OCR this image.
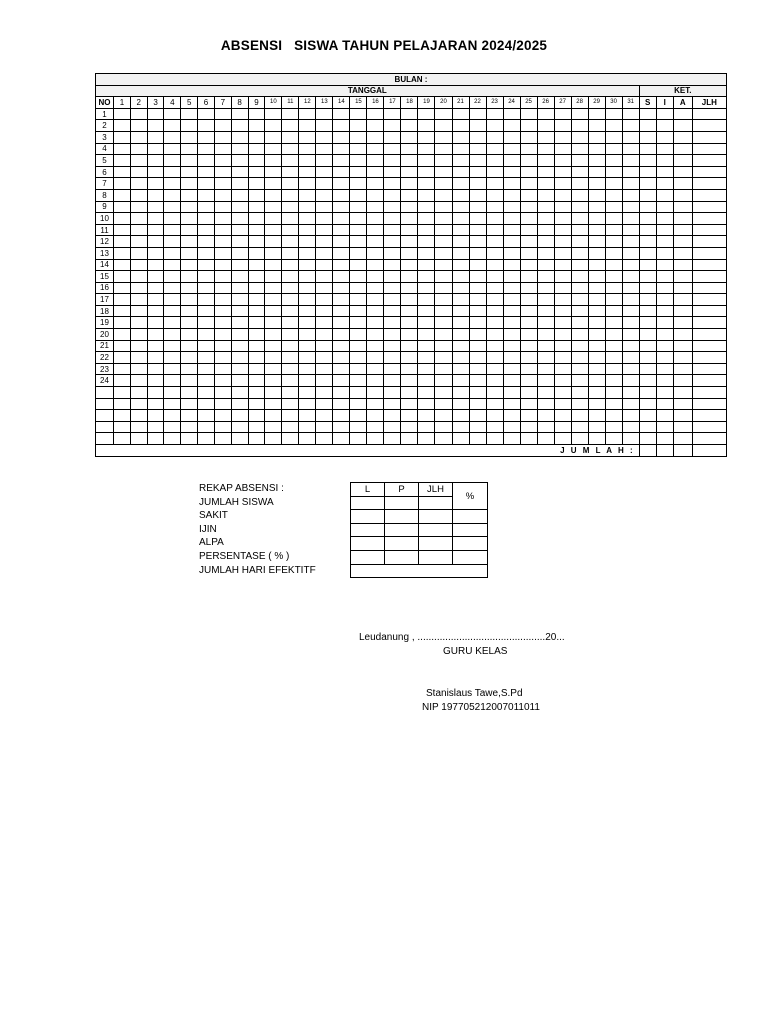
ABSENSI   SISWA TAHUN PELAJARAN 2024/2025
BULAN :																																			
TANGGAL																																KET.			
NO	1	2	3	4	5	6	7	8	9	10	11	12	13	14	15	16	17	18	19	20	21	22	23	24	25	26	27	28	29	30	31	S	I	A	JLH
1																																			
2																																			
3																																			
4																																			
5																																			
6																																			
7																																			
8																																			
9																																			
10																																			
11																																			
12																																			
13																																			
14																																			
15																																			
16																																			
17																																			
18																																			
19																																			
20																																			
21																																			
22																																			
23																																			
24																																			

J U M L A H :																																			
REKAP ABSENSI :
JUMLAH SISWA
SAKIT
IJIN
ALPA
PERSENTASE ( % )
JUMLAH HARI EFEKTITF
L	P	JLH	%

Leudanung , ..............................................20...
GURU KELAS
Stanislaus Tawe,S.Pd
NIP 197705212007011011
